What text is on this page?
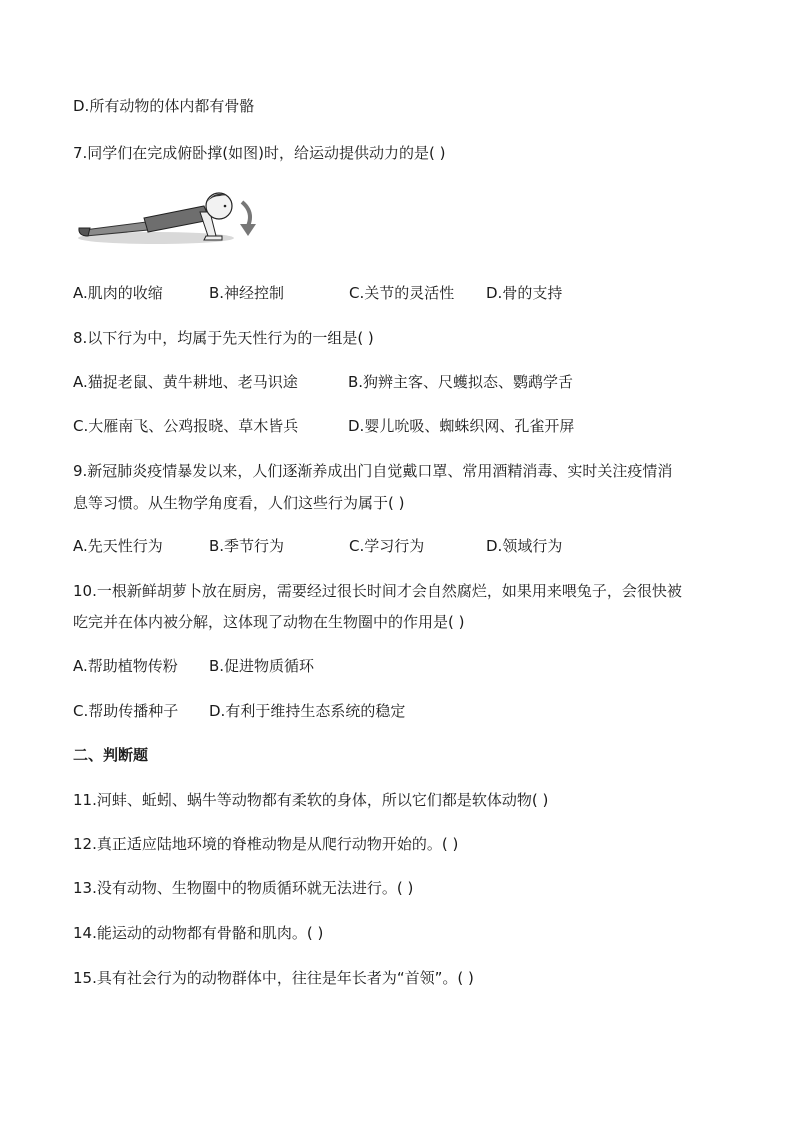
D.所有动物的体内都有骨骼
7.同学们在完成俯卧撑(如图)时，给运动提供动力的是( )
A.肌肉的收缩	B.神经控制	C.关节的灵活性 D.骨的支持
8.以下行为中，均属于先天性行为的一组是( )
A.猫捉老鼠、黄牛耕地、老马识途	B.狗辨主客、尺蠖拟态、鹦鹉学舌
C.大雁南飞、公鸡报晓、草木皆兵	D.婴儿吮吸、蜘蛛织网、孔雀开屏
9.新冠肺炎疫情暴发以来，人们逐渐养成出门自觉戴口罩、常用酒精消毒、实时关注疫情消
息等习惯。从生物学角度看，人们这些行为属于( )
A.先天性行为	B.季节行为	C.学习行为	D.领域行为
10.一根新鲜胡萝卜放在厨房，需要经过很长时间才会自然腐烂，如果用来喂兔子，会很快被
吃完并在体内被分解，这体现了动物在生物圈中的作用是( )
A.帮助植物传粉 B.促进物质循环
C.帮助传播种子 D.有利于维持生态系统的稳定
二、判断题
11.河蚌、蚯蚓、蜗牛等动物都有柔软的身体，所以它们都是软体动物( )
12.真正适应陆地环境的脊椎动物是从爬行动物开始的。( )
13.没有动物、生物圈中的物质循环就无法进行。( )
14.能运动的动物都有骨骼和肌肉。( )
15.具有社会行为的动物群体中，往往是年长者为“首领”。( )
